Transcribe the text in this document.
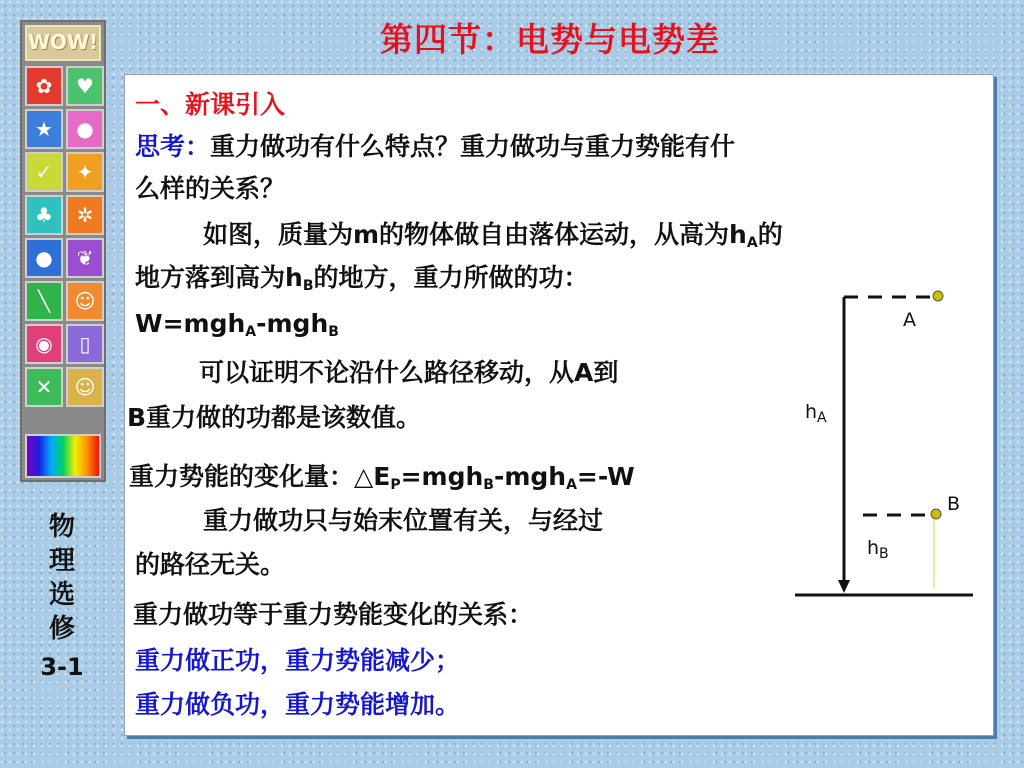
第四节：电势与电势差
WOW!
✿	♥
★	●
✓	✦
♣	✲
●	❦
╲	☺
◉	▯
✕	☺
物
理
选
修
3-1
一、新课引入
思考：重力做功有什么特点？重力做功与重力势能有什
么样的关系？
如图，质量为m的物体做自由落体运动，从高为$h_A$的
地方落到高为$h_B$的地方，重力所做的功：
W=mgh$_A$-mgh$_B$
可以证明不论沿什么路径移动，从A到
B重力做的功都是该数值。
重力势能的变化量：$\triangle E_P=mgh_B-mgh_A=-W$
重力做功只与始末位置有关，与经过
的路径无关。
重力做功等于重力势能变化的关系：
重力做正功，重力势能减少；
重力做负功，重力势能增加。
A
B
$h_A$
$h_B$
